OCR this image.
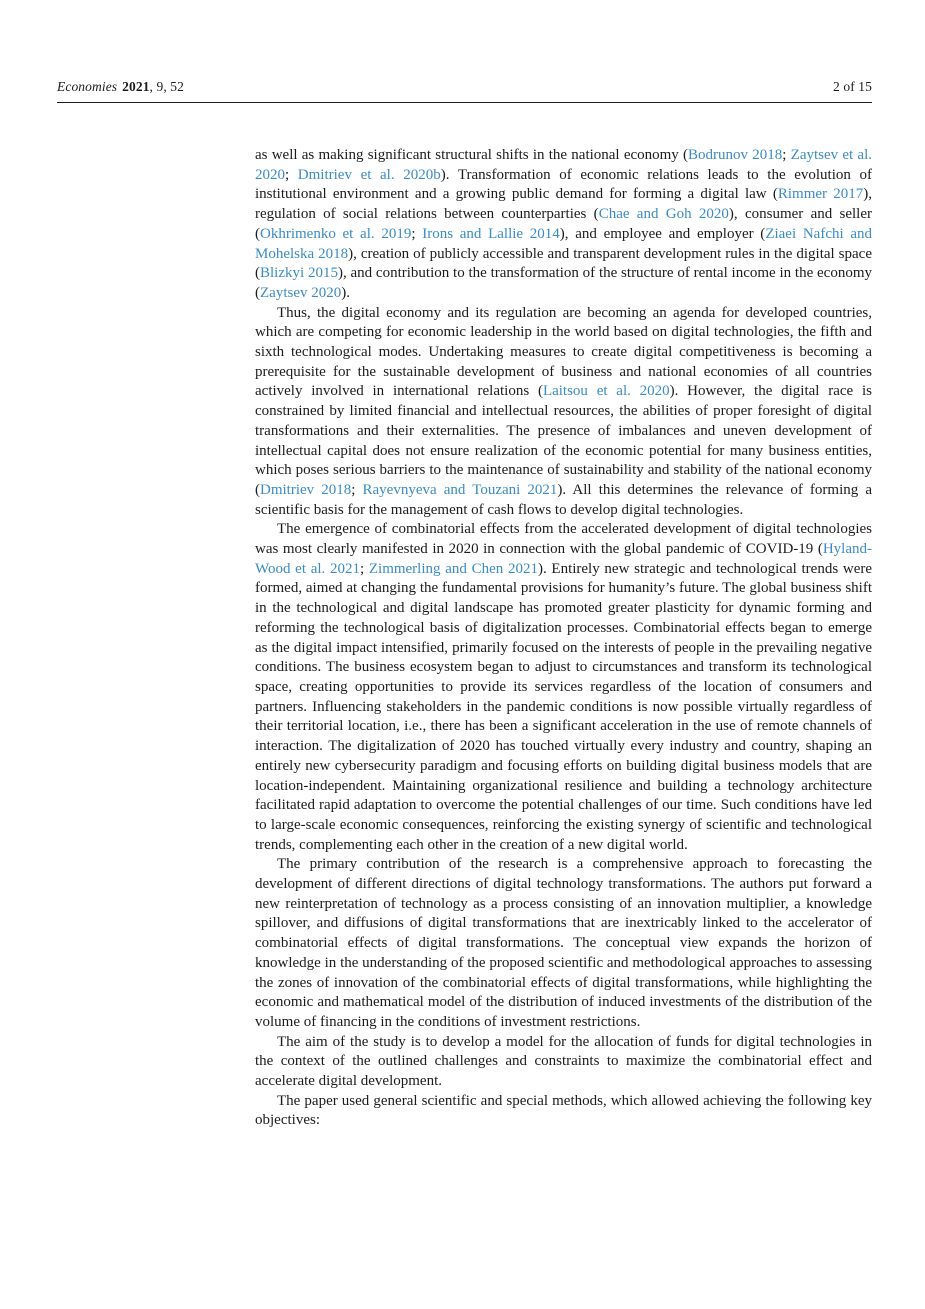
Economies 2021, 9, 52	2 of 15

as well as making significant structural shifts in the national economy (Bodrunov 2018; Zaytsev et al. 2020; Dmitriev et al. 2020b). Transformation of economic relations leads to the evolution of institutional environment and a growing public demand for forming a digital law (Rimmer 2017), regulation of social relations between counterparties (Chae and Goh 2020), consumer and seller (Okhrimenko et al. 2019; Irons and Lallie 2014), and employee and employer (Ziaei Nafchi and Mohelska 2018), creation of publicly accessible and transparent development rules in the digital space (Blizkyi 2015), and contribution to the transformation of the structure of rental income in the economy (Zaytsev 2020).

Thus, the digital economy and its regulation are becoming an agenda for developed countries, which are competing for economic leadership in the world based on digital technologies, the fifth and sixth technological modes. Undertaking measures to create digital competitiveness is becoming a prerequisite for the sustainable development of business and national economies of all countries actively involved in international relations (Laitsou et al. 2020). However, the digital race is constrained by limited financial and intellectual resources, the abilities of proper foresight of digital transformations and their externalities. The presence of imbalances and uneven development of intellectual capital does not ensure realization of the economic potential for many business entities, which poses serious barriers to the maintenance of sustainability and stability of the national economy (Dmitriev 2018; Rayevnyeva and Touzani 2021). All this determines the relevance of forming a scientific basis for the management of cash flows to develop digital technologies.

The emergence of combinatorial effects from the accelerated development of digital technologies was most clearly manifested in 2020 in connection with the global pandemic of COVID-19 (Hyland-Wood et al. 2021; Zimmerling and Chen 2021). Entirely new strategic and technological trends were formed, aimed at changing the fundamental provisions for humanity’s future. The global business shift in the technological and digital landscape has promoted greater plasticity for dynamic forming and reforming the technological basis of digitalization processes. Combinatorial effects began to emerge as the digital impact intensified, primarily focused on the interests of people in the prevailing negative conditions. The business ecosystem began to adjust to circumstances and transform its technological space, creating opportunities to provide its services regardless of the location of consumers and partners. Influencing stakeholders in the pandemic conditions is now possible virtually regardless of their territorial location, i.e., there has been a significant acceleration in the use of remote channels of interaction. The digitalization of 2020 has touched virtually every industry and country, shaping an entirely new cybersecurity paradigm and focusing efforts on building digital business models that are location-independent. Maintaining organizational resilience and building a technology architecture facilitated rapid adaptation to overcome the potential challenges of our time. Such conditions have led to large-scale economic consequences, reinforcing the existing synergy of scientific and technological trends, complementing each other in the creation of a new digital world.

The primary contribution of the research is a comprehensive approach to forecasting the development of different directions of digital technology transformations. The authors put forward a new reinterpretation of technology as a process consisting of an innovation multiplier, a knowledge spillover, and diffusions of digital transformations that are inextricably linked to the accelerator of combinatorial effects of digital transformations. The conceptual view expands the horizon of knowledge in the understanding of the proposed scientific and methodological approaches to assessing the zones of innovation of the combinatorial effects of digital transformations, while highlighting the economic and mathematical model of the distribution of induced investments of the distribution of the volume of financing in the conditions of investment restrictions.

The aim of the study is to develop a model for the allocation of funds for digital technologies in the context of the outlined challenges and constraints to maximize the combinatorial effect and accelerate digital development.

The paper used general scientific and special methods, which allowed achieving the following key objectives:
